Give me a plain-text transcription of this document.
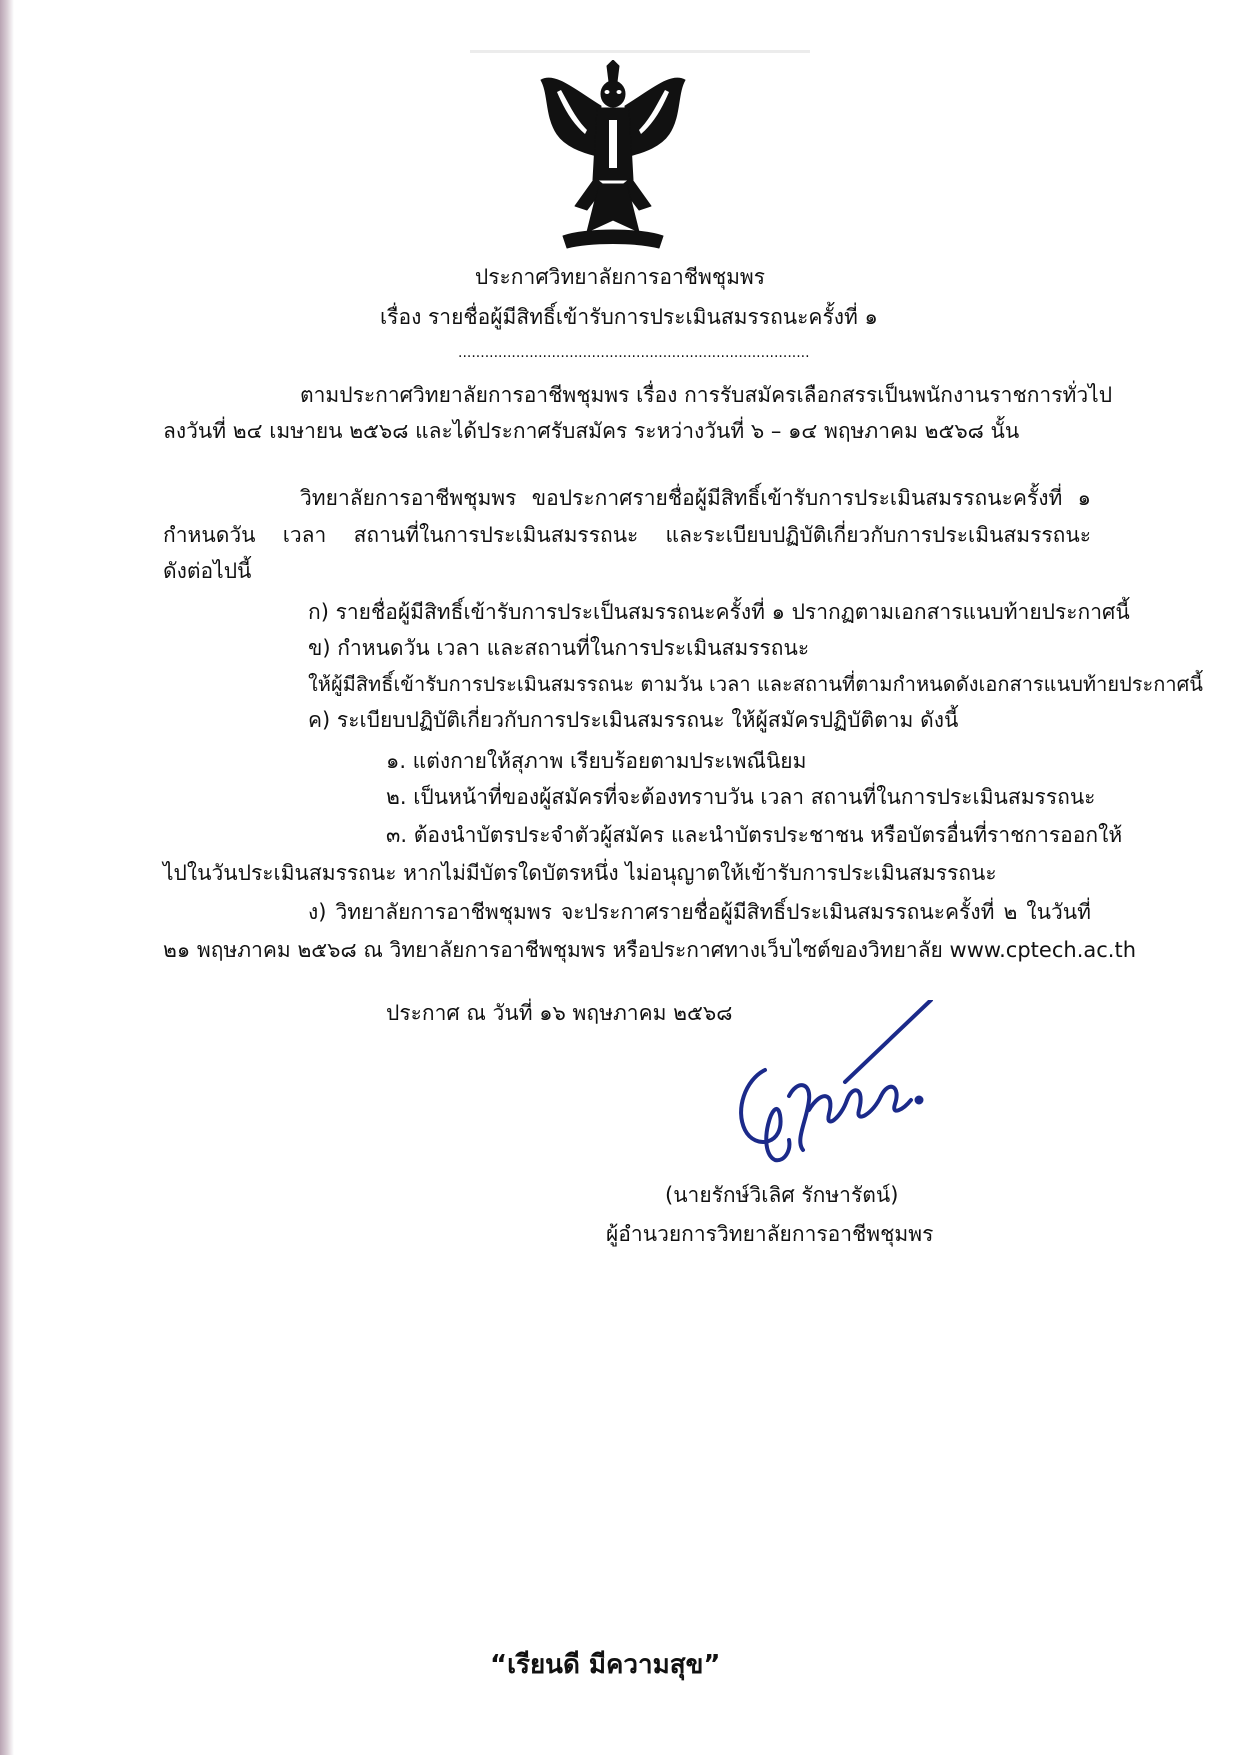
ประกาศวิทยาลัยการอาชีพชุมพร
เรื่อง รายชื่อผู้มีสิทธิ์เข้ารับการประเมินสมรรถนะครั้งที่ ๑
...............................................................................
ตามประกาศวิทยาลัยการอาชีพชุมพร เรื่อง การรับสมัครเลือกสรรเป็นพนักงานราชการทั่วไป
ลงวันที่ ๒๔ เมษายน ๒๕๖๘ และได้ประกาศรับสมัคร ระหว่างวันที่ ๖ – ๑๔ พฤษภาคม ๒๕๖๘ นั้น
วิทยาลัยการอาชีพชุมพร ขอประกาศรายชื่อผู้มีสิทธิ์เข้ารับการประเมินสมรรถนะครั้งที่ ๑
กำหนดวัน เวลา สถานที่ในการประเมินสมรรถนะ และระเบียบปฏิบัติเกี่ยวกับการประเมินสมรรถนะ
ดังต่อไปนี้
ก) รายชื่อผู้มีสิทธิ์เข้ารับการประเป็นสมรรถนะครั้งที่ ๑ ปรากฏตามเอกสารแนบท้ายประกาศนี้
ข) กำหนดวัน เวลา และสถานที่ในการประเมินสมรรถนะ
ให้ผู้มีสิทธิ์เข้ารับการประเมินสมรรถนะ ตามวัน เวลา และสถานที่ตามกำหนดดังเอกสารแนบท้ายประกาศนี้
ค) ระเบียบปฏิบัติเกี่ยวกับการประเมินสมรรถนะ ให้ผู้สมัครปฏิบัติตาม ดังนี้
๑. แต่งกายให้สุภาพ เรียบร้อยตามประเพณีนิยม
๒. เป็นหน้าที่ของผู้สมัครที่จะต้องทราบวัน เวลา สถานที่ในการประเมินสมรรถนะ
๓. ต้องนำบัตรประจำตัวผู้สมัคร และนำบัตรประชาชน หรือบัตรอื่นที่ราชการออกให้
ไปในวันประเมินสมรรถนะ หากไม่มีบัตรใดบัตรหนึ่ง ไม่อนุญาตให้เข้ารับการประเมินสมรรถนะ
ง) วิทยาลัยการอาชีพชุมพร จะประกาศรายชื่อผู้มีสิทธิ์ประเมินสมรรถนะครั้งที่ ๒ ในวันที่
๒๑ พฤษภาคม ๒๕๖๘ ณ วิทยาลัยการอาชีพชุมพร หรือประกาศทางเว็บไซต์ของวิทยาลัย www.cptech.ac.th
ประกาศ ณ วันที่ ๑๖ พฤษภาคม ๒๕๖๘
(นายรักษ์วิเลิศ รักษารัตน์)
ผู้อำนวยการวิทยาลัยการอาชีพชุมพร
“เรียนดี มีความสุข”
